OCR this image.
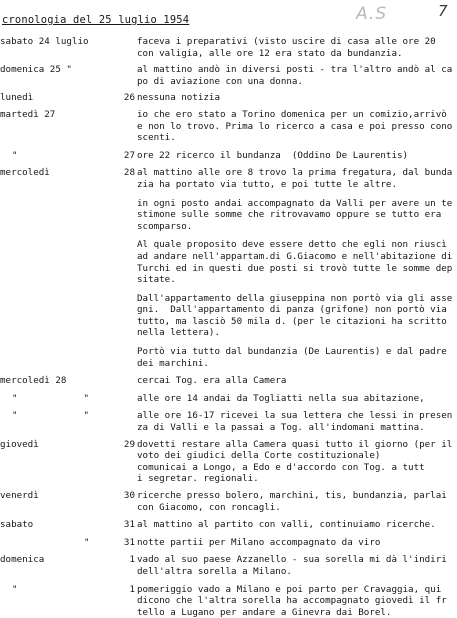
cronologia del 25 luglio 1954	A.S	7
sabato 24 luglio	faceva i preparativi (visto uscire di casa alle ore 20
con valigia, alle ore 12 era stato da bundanzia.
domenica 25 "	al mattino andò in diversi posti - tra l'altro andò al ca
po di aviazione con una donna.
lunedì	26 nessuna notizia
martedì 27	io che ero stato a Torino domenica per un comizio,arrivò
e non lo trovo. Prima lo ricerco a casa e poi presso cono
scenti.
"	27 ore 22 ricerco il bundanza  (Oddino De Laurentis)
mercoledì	28 al mattino alle ore 8 trovo la prima fregatura, dal bunda
zia ha portato via tutto, e poi tutte le altre.
in ogni posto andai accompagnato da Valli per avere un te
stimone sulle somme che ritrovavamo oppure se tutto era
scomparso.
Al quale proposito deve essere detto che egli non riuscì
ad andare nell'appartam.di G.Giacomo e nell'abitazione di
Turchi ed in questi due posti si trovò tutte le somme dep
sitate.
Dall'appartamento della giuseppina non portò via gli asse
gni.  Dall'appartamento di panza (grifone) non portò via
tutto, ma lasciò 50 mila d. (per le citazioni ha scritto
nella lettera).
Portò via tutto dal bundanzia (De Laurentis) e dal padre
dei marchini.
mercoledì 28	cercai Tog. era alla Camera
"	"	alle ore 14 andai da Togliatti nella sua abitazione,
"	"	alle ore 16-17 ricevei la sua lettera che lessi in presen
za di Valli e la passai a Tog. all'indomani mattina.
giovedì	29 dovetti restare alla Camera quasi tutto il giorno (per il
voto dei giudici della Corte costituzionale)
comunicai a Longo, a Edo e d'accordo con Tog. a tutt
i segretar. regionali.
venerdì	30 ricerche presso bolero, marchini, tis, bundanzia, parlai
con Giacomo, con roncagli.
sabato	31 al mattino al partito con valli, continuiamo ricerche.
"	31 notte partii per Milano accompagnato da viro
domenica	1 vado al suo paese Azzanello - sua sorella mi dà l'indiri
dell'altra sorella a Milano.
"	1 pomeriggio vado a Milano e poi parto per Cravaggia, qui
dicono che l'altra sorella ha accompagnato giovedì il fr
tello a Lugano per andare a Ginevra dai Borel.
